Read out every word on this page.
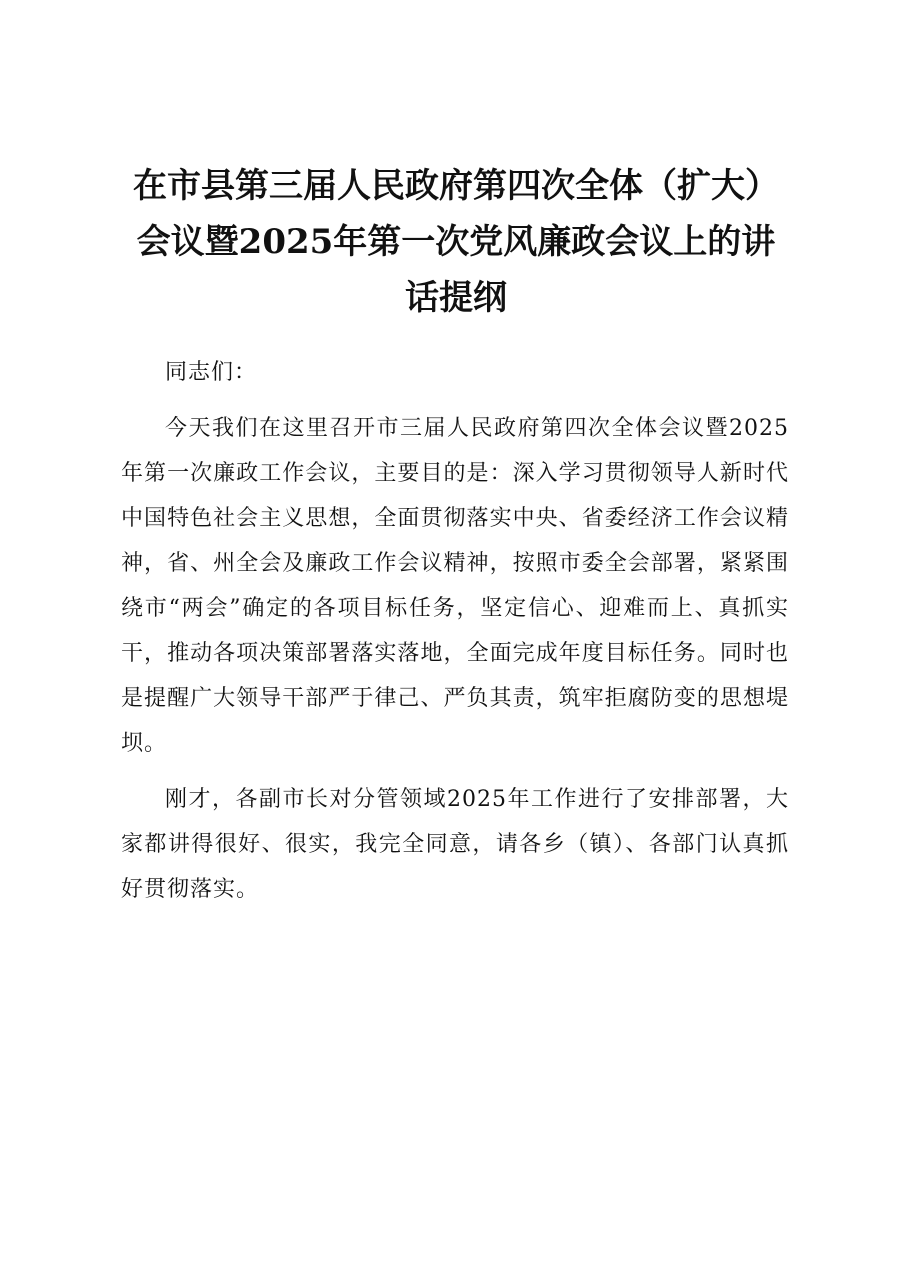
在市县第三届人民政府第四次全体（扩大）会议暨2025年第一次党风廉政会议上的讲话提纲

同志们：

今天我们在这里召开市三届人民政府第四次全体会议暨2025年第一次廉政工作会议，主要目的是：深入学习贯彻领导人新时代中国特色社会主义思想，全面贯彻落实中央、省委经济工作会议精神，省、州全会及廉政工作会议精神，按照市委全会部署，紧紧围绕市“两会”确定的各项目标任务，坚定信心、迎难而上、真抓实干，推动各项决策部署落实落地，全面完成年度目标任务。同时也是提醒广大领导干部严于律己、严负其责，筑牢拒腐防变的思想堤坝。

刚才，各副市长对分管领域2025年工作进行了安排部署，大家都讲得很好、很实，我完全同意，请各乡（镇）、各部门认真抓好贯彻落实。
